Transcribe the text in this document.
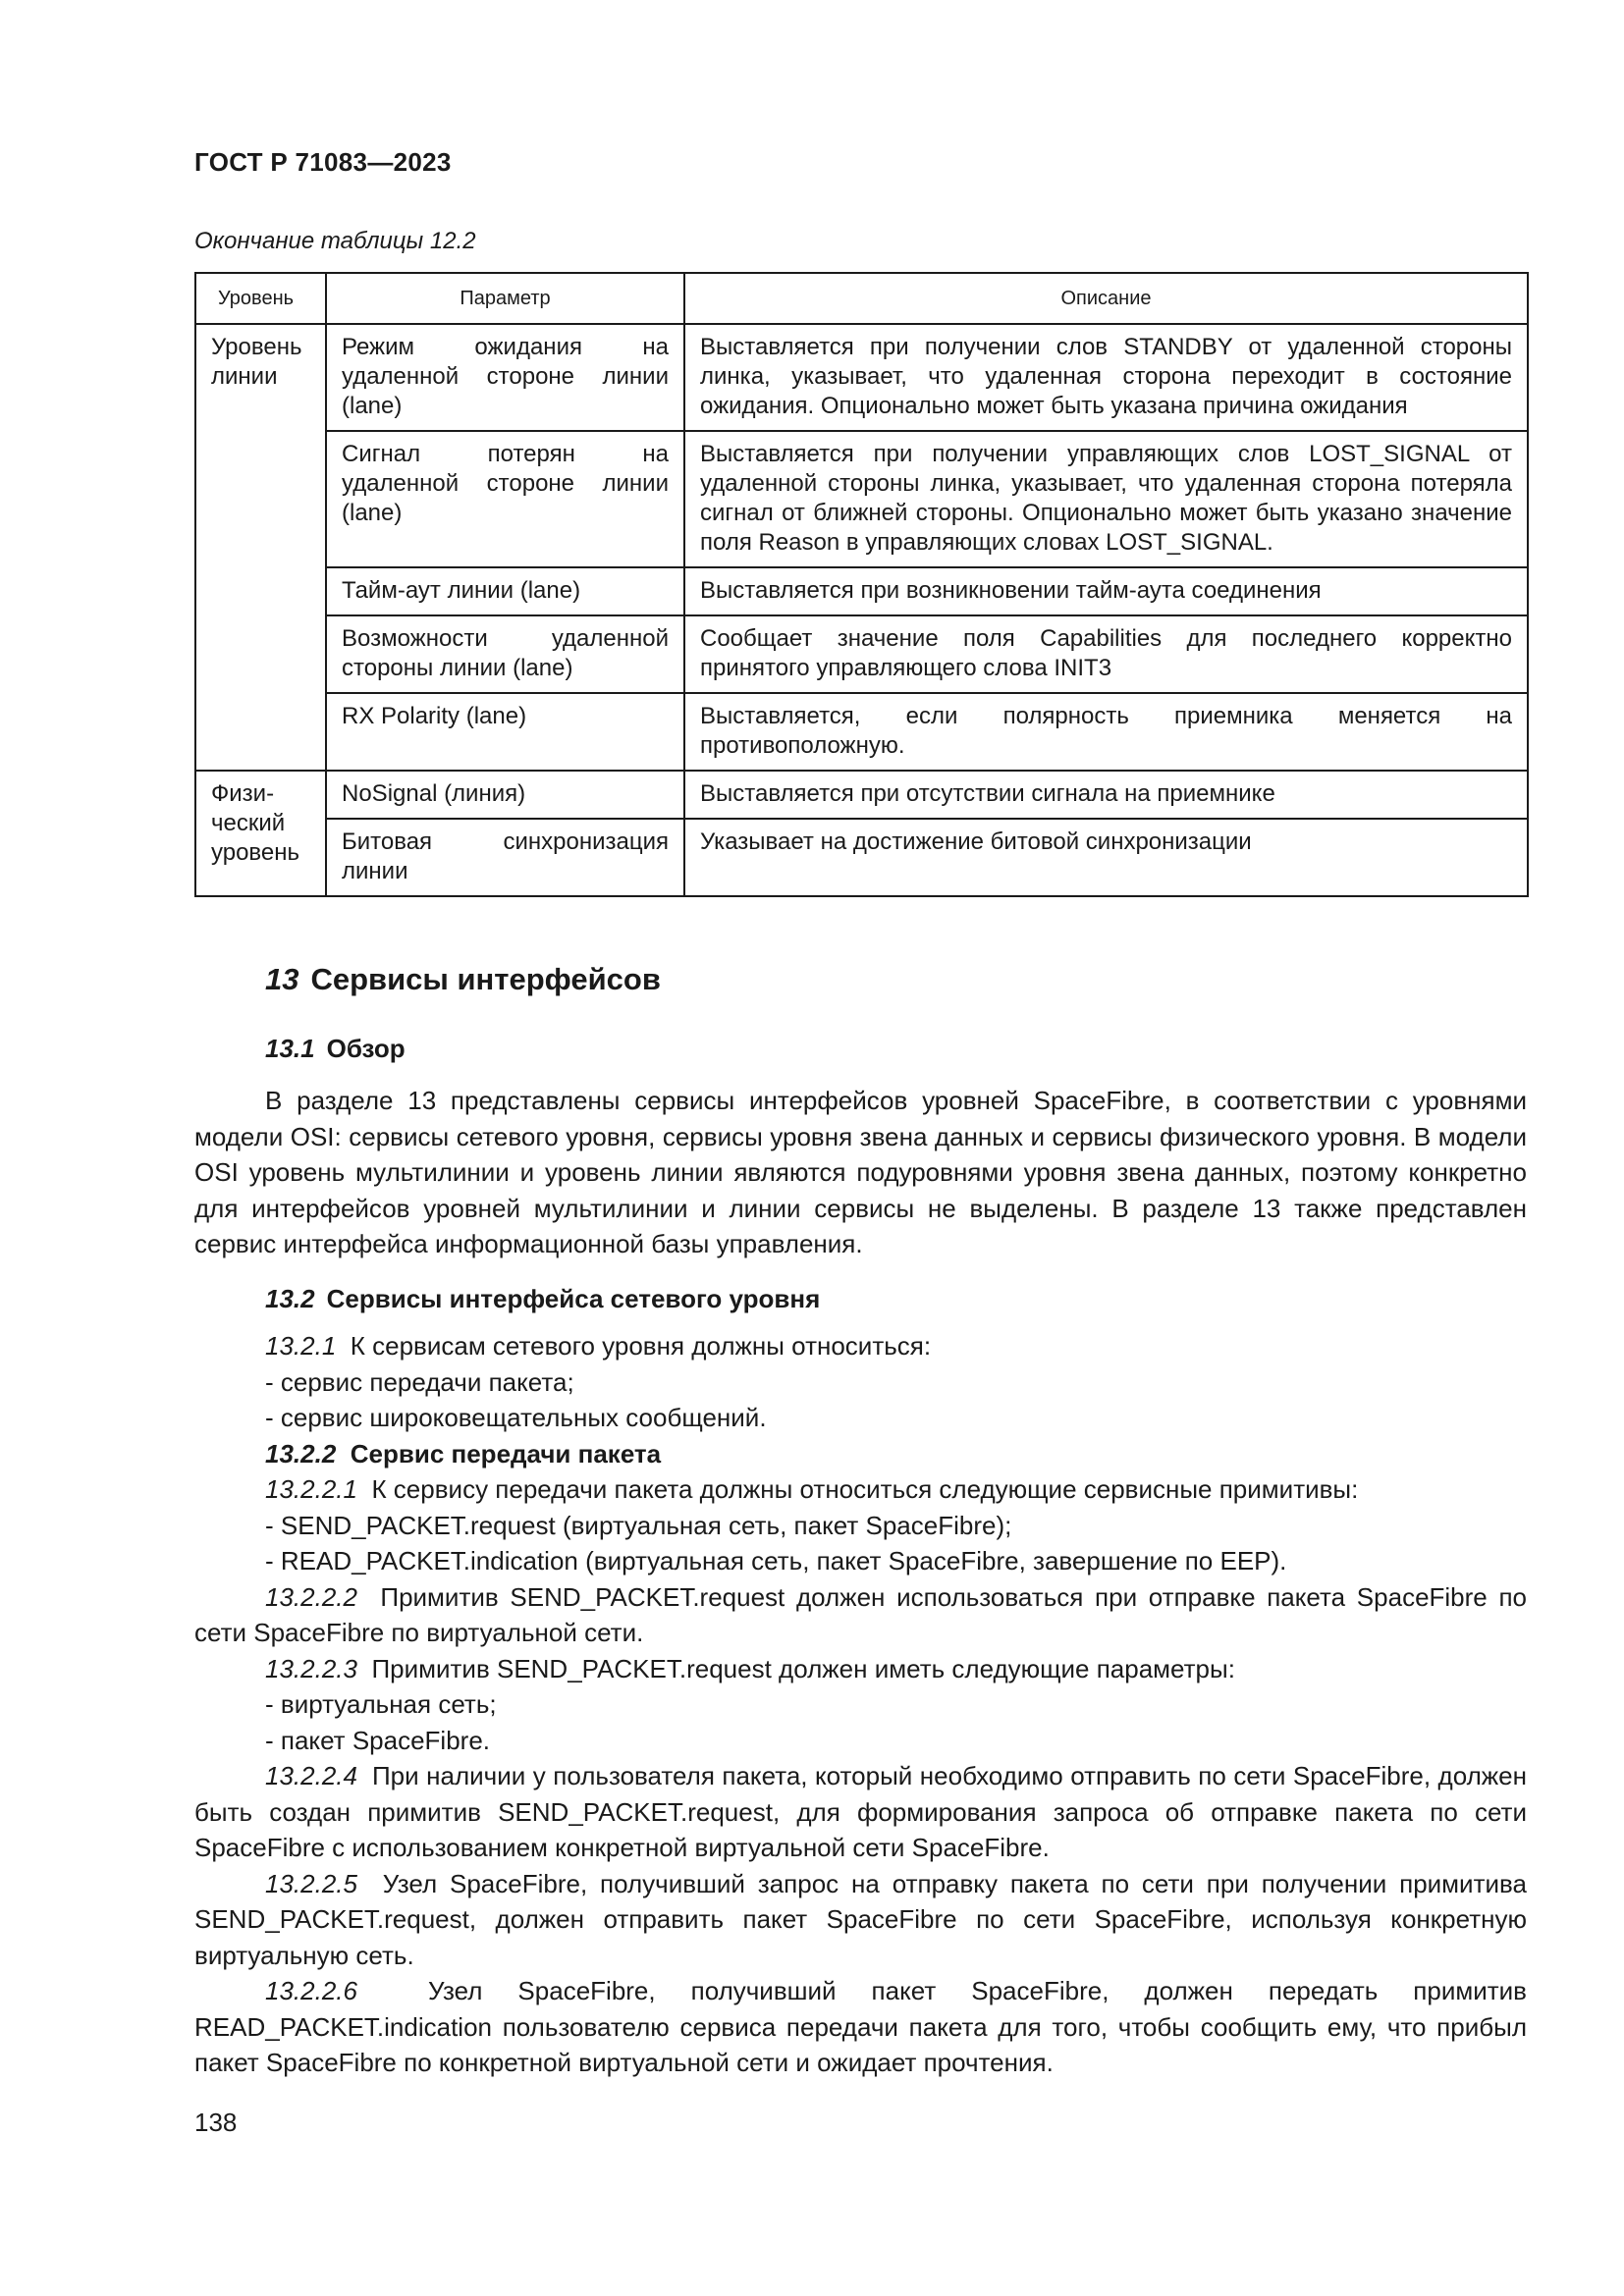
ГОСТ Р 71083—2023
Окончание таблицы 12.2
Уровень	Параметр	Описание
Уровень линии	Режим ожидания на удаленной стороне линии (lane)	Выставляется при получении слов STANDBY от удаленной стороны линка, указывает, что удаленная сторона переходит в состояние ожидания. Опционально может быть указана причина ожидания
	Сигнал потерян на удаленной стороне линии (lane)	Выставляется при получении управляющих слов LOST_SIGNAL от удаленной стороны линка, указывает, что удаленная сторона потеряла сигнал от ближней стороны. Опционально может быть указано значение поля Reason в управляющих словах LOST_SIGNAL.
	Тайм-аут линии (lane)	Выставляется при возникновении тайм-аута соединения
	Возможности удаленной стороны линии (lane)	Сообщает значение поля Capabilities для последнего корректно принятого управляющего слова INIT3
	RX Polarity (lane)	Выставляется, если полярность приемника меняется на противоположную.
Физи-ческий уровень	NoSignal (линия)	Выставляется при отсутствии сигнала на приемнике
	Битовая синхронизация линии	Указывает на достижение битовой синхронизации
13 Сервисы интерфейсов
13.1 Обзор

В разделе 13 представлены сервисы интерфейсов уровней SpaceFibre, в соответствии с уровнями модели OSI: сервисы сетевого уровня, сервисы уровня звена данных и сервисы физического уровня. В модели OSI уровень мультилинии и уровень линии являются подуровнями уровня звена данных, поэтому конкретно для интерфейсов уровней мультилинии и линии сервисы не выделены. В разделе 13 также представлен сервис интерфейса информационной базы управления.

13.2 Сервисы интерфейса сетевого уровня

13.2.1 К сервисам сетевого уровня должны относиться:

- сервис передачи пакета;

- сервис широковещательных сообщений.

13.2.2 Сервис передачи пакета

13.2.2.1 К сервису передачи пакета должны относиться следующие сервисные примитивы:

- SEND_PACKET.request (виртуальная сеть, пакет SpaceFibre);

- READ_PACKET.indication (виртуальная сеть, пакет SpaceFibre, завершение по EEP).

13.2.2.2 Примитив SEND_PACKET.request должен использоваться при отправке пакета SpaceFibre по сети SpaceFibre по виртуальной сети.

13.2.2.3 Примитив SEND_PACKET.request должен иметь следующие параметры:

- виртуальная сеть;

- пакет SpaceFibre.

13.2.2.4 При наличии у пользователя пакета, который необходимо отправить по сети SpaceFibre, должен быть создан примитив SEND_PACKET.request, для формирования запроса об отправке пакета по сети SpaceFibre с использованием конкретной виртуальной сети SpaceFibre.

13.2.2.5 Узел SpaceFibre, получивший запрос на отправку пакета по сети при получении примитива SEND_PACKET.request, должен отправить пакет SpaceFibre по сети SpaceFibre, используя конкретную виртуальную сеть.

13.2.2.6	Узел SpaceFibre, получивший пакет SpaceFibre, должен передать примитив READ_PACKET.indication пользователю сервиса передачи пакета для того, чтобы сообщить ему, что прибыл пакет SpaceFibre по конкретной виртуальной сети и ожидает прочтения.

138
